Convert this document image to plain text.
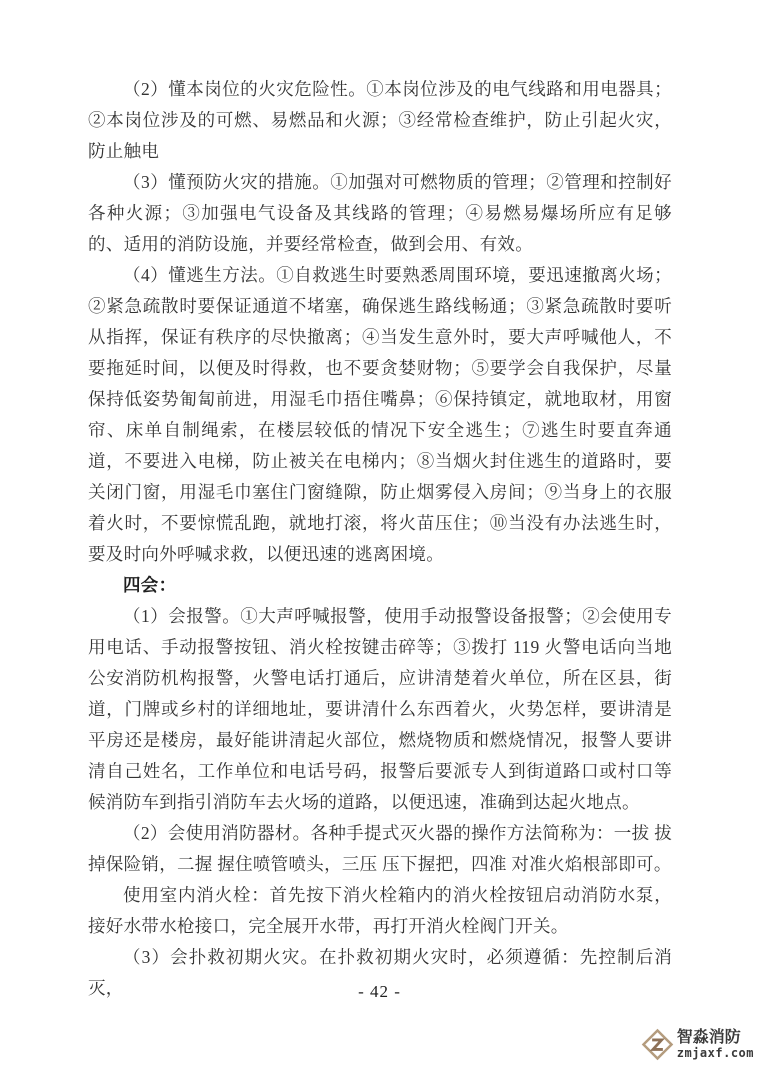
（2）懂本岗位的火灾危险性。①本岗位涉及的电气线路和用电器具；②本岗位涉及的可燃、易燃品和火源；③经常检查维护，防止引起火灾，防止触电

（3）懂预防火灾的措施。①加强对可燃物质的管理；②管理和控制好各种火源；③加强电气设备及其线路的管理；④易燃易爆场所应有足够的、适用的消防设施，并要经常检查，做到会用、有效。

（4）懂逃生方法。①自救逃生时要熟悉周围环境，要迅速撤离火场；②紧急疏散时要保证通道不堵塞，确保逃生路线畅通；③紧急疏散时要听从指挥，保证有秩序的尽快撤离；④当发生意外时，要大声呼喊他人，不要拖延时间，以便及时得救，也不要贪婪财物；⑤要学会自我保护，尽量保持低姿势匍匐前进，用湿毛巾捂住嘴鼻；⑥保持镇定，就地取材，用窗帘、床单自制绳索，在楼层较低的情况下安全逃生；⑦逃生时要直奔通道，不要进入电梯，防止被关在电梯内；⑧当烟火封住逃生的道路时，要关闭门窗，用湿毛巾塞住门窗缝隙，防止烟雾侵入房间；⑨当身上的衣服着火时，不要惊慌乱跑，就地打滚，将火苗压住；⑩当没有办法逃生时，要及时向外呼喊求救，以便迅速的逃离困境。

四会：

（1）会报警。①大声呼喊报警，使用手动报警设备报警；②会使用专用电话、手动报警按钮、消火栓按键击碎等；③拨打 119 火警电话向当地公安消防机构报警，火警电话打通后，应讲清楚着火单位，所在区县，街道，门牌或乡村的详细地址，要讲清什么东西着火，火势怎样，要讲清是平房还是楼房，最好能讲清起火部位，燃烧物质和燃烧情况，报警人要讲清自己姓名，工作单位和电话号码，报警后要派专人到街道路口或村口等候消防车到指引消防车去火场的道路，以便迅速，准确到达起火地点。

（2）会使用消防器材。各种手提式灭火器的操作方法简称为：一拔 拔掉保险销，二握 握住喷管喷头，三压 压下握把，四准 对准火焰根部即可。

使用室内消火栓：首先按下消火栓箱内的消火栓按钮启动消防水泵，接好水带水枪接口，完全展开水带，再打开消火栓阀门开关。

（3）会扑救初期火灾。在扑救初期火灾时，必须遵循：先控制后消灭，	- 42 -
智淼消防
zmjaxf.com
